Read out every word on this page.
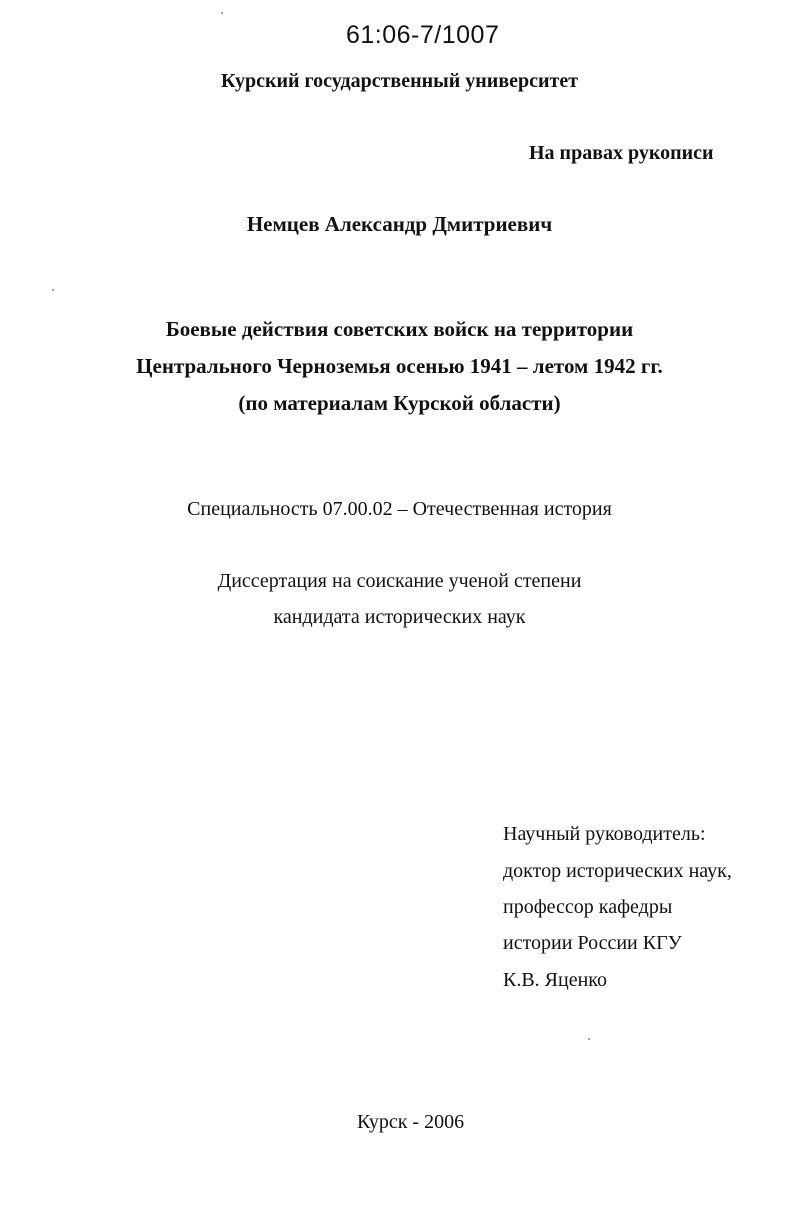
61:06-7/1007
Курский государственный университет
На правах рукописи
Немцев Александр Дмитриевич
Боевые действия советских войск на территории
Центрального Черноземья осенью 1941 – летом 1942 гг.
(по материалам Курской области)
Специальность 07.00.02 – Отечественная история
Диссертация на соискание ученой степени
кандидата исторических наук
Научный руководитель:
доктор исторических наук,
профессор кафедры
истории России КГУ
К.В. Яценко
Курск - 2006
